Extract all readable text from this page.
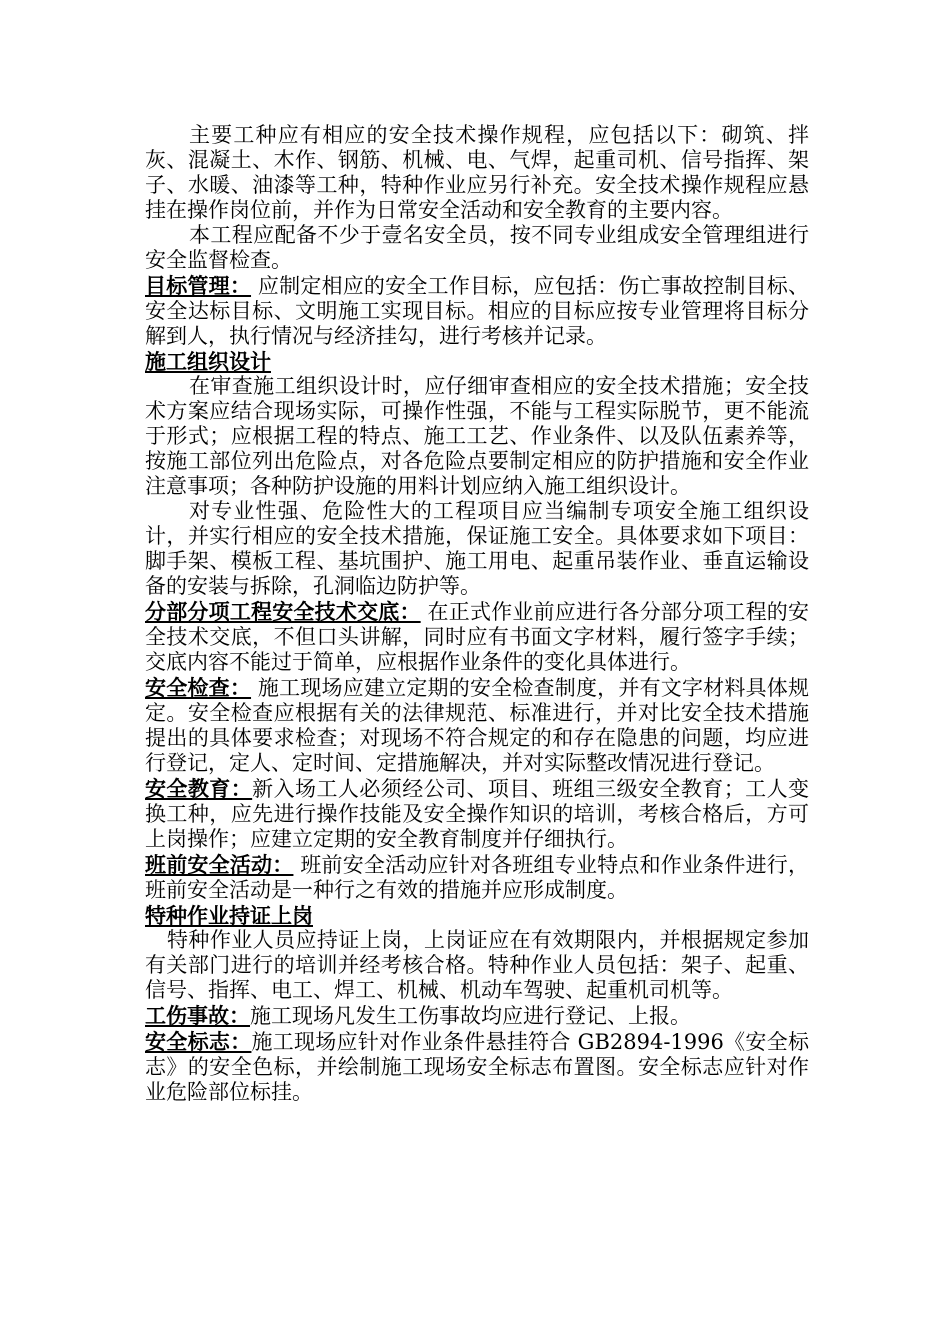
主要工种应有相应的安全技术操作规程，应包括以下：砌筑、拌灰、混凝土、木作、钢筋、机械、电、气焊，起重司机、信号指挥、架子、水暖、油漆等工种，特种作业应另行补充。安全技术操作规程应悬挂在操作岗位前，并作为日常安全活动和安全教育的主要内容。

本工程应配备不少于壹名安全员，按不同专业组成安全管理组进行安全监督检查。

目标管理： 应制定相应的安全工作目标，应包括：伤亡事故控制目标、安全达标目标、文明施工实现目标。相应的目标应按专业管理将目标分解到人，执行情况与经济挂勾，进行考核并记录。

施工组织设计

在审查施工组织设计时，应仔细审查相应的安全技术措施；安全技术方案应结合现场实际，可操作性强，不能与工程实际脱节，更不能流于形式；应根据工程的特点、施工工艺、作业条件、以及队伍素养等，按施工部位列出危险点，对各危险点要制定相应的防护措施和安全作业注意事项；各种防护设施的用料计划应纳入施工组织设计。

对专业性强、危险性大的工程项目应当编制专项安全施工组织设计，并实行相应的安全技术措施，保证施工安全。具体要求如下项目：脚手架、模板工程、基坑围护、施工用电、起重吊装作业、垂直运输设备的安装与拆除，孔洞临边防护等。

分部分项工程安全技术交底： 在正式作业前应进行各分部分项工程的安全技术交底，不但口头讲解，同时应有书面文字材料，履行签字手续；交底内容不能过于简单，应根据作业条件的变化具体进行。

安全检查： 施工现场应建立定期的安全检查制度，并有文字材料具体规定。安全检查应根据有关的法律规范、标准进行，并对比安全技术措施提出的具体要求检查；对现场不符合规定的和存在隐患的问题，均应进行登记，定人、定时间、定措施解决，并对实际整改情况进行登记。

安全教育：新入场工人必须经公司、项目、班组三级安全教育；工人变换工种，应先进行操作技能及安全操作知识的培训，考核合格后，方可上岗操作；应建立定期的安全教育制度并仔细执行。

班前安全活动： 班前安全活动应针对各班组专业特点和作业条件进行，班前安全活动是一种行之有效的措施并应形成制度。

特种作业持证上岗

特种作业人员应持证上岗，上岗证应在有效期限内，并根据规定参加有关部门进行的培训并经考核合格。特种作业人员包括：架子、起重、信号、指挥、电工、焊工、机械、机动车驾驶、起重机司机等。

工伤事故：施工现场凡发生工伤事故均应进行登记、上报。

安全标志：施工现场应针对作业条件悬挂符合 GB2894-1996《安全标志》的安全色标，并绘制施工现场安全标志布置图。安全标志应针对作业危险部位标挂。
